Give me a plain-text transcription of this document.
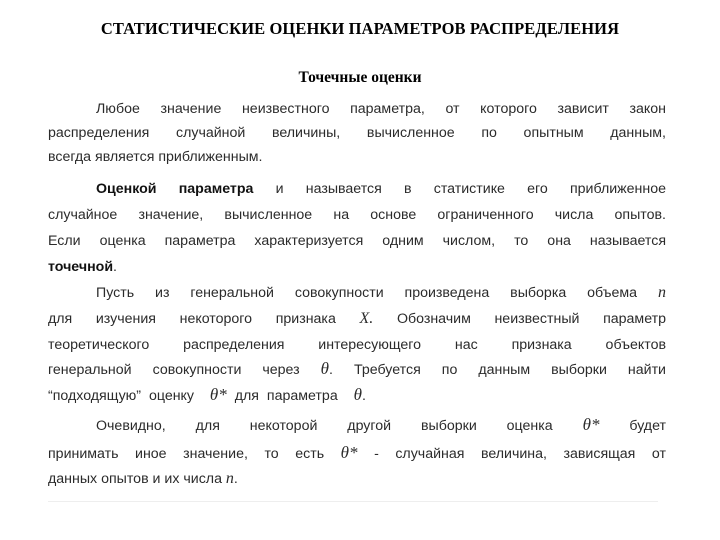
СТАТИСТИЧЕСКИЕ ОЦЕНКИ ПАРАМЕТРОВ РАСПРЕДЕЛЕНИЯ
Точечные оценки
Любое значение неизвестного параметра, от которого зависит закон
распределения случайной величины, вычисленное по опытным данным,
всегда является приближенным.
Оценкой параметра и называется в статистике его приближенное
случайное значение, вычисленное на основе ограниченного числа опытов.
Если оценка параметра характеризуется одним числом, то она называется
точечной.
Пусть из генеральной совокупности произведена выборка объема n
для изучения некоторого признака X. Обозначим неизвестный параметр
теоретического распределения интересующего нас признака объектов
генеральной совокупности через θ. Требуется по данным выборки найти
“подходящую” оценку θ* для параметра θ.
Очевидно, для некоторой другой выборки оценка θ* будет
принимать иное значение, то есть θ* - случайная величина, зависящая от
данных опытов и их числа n.
